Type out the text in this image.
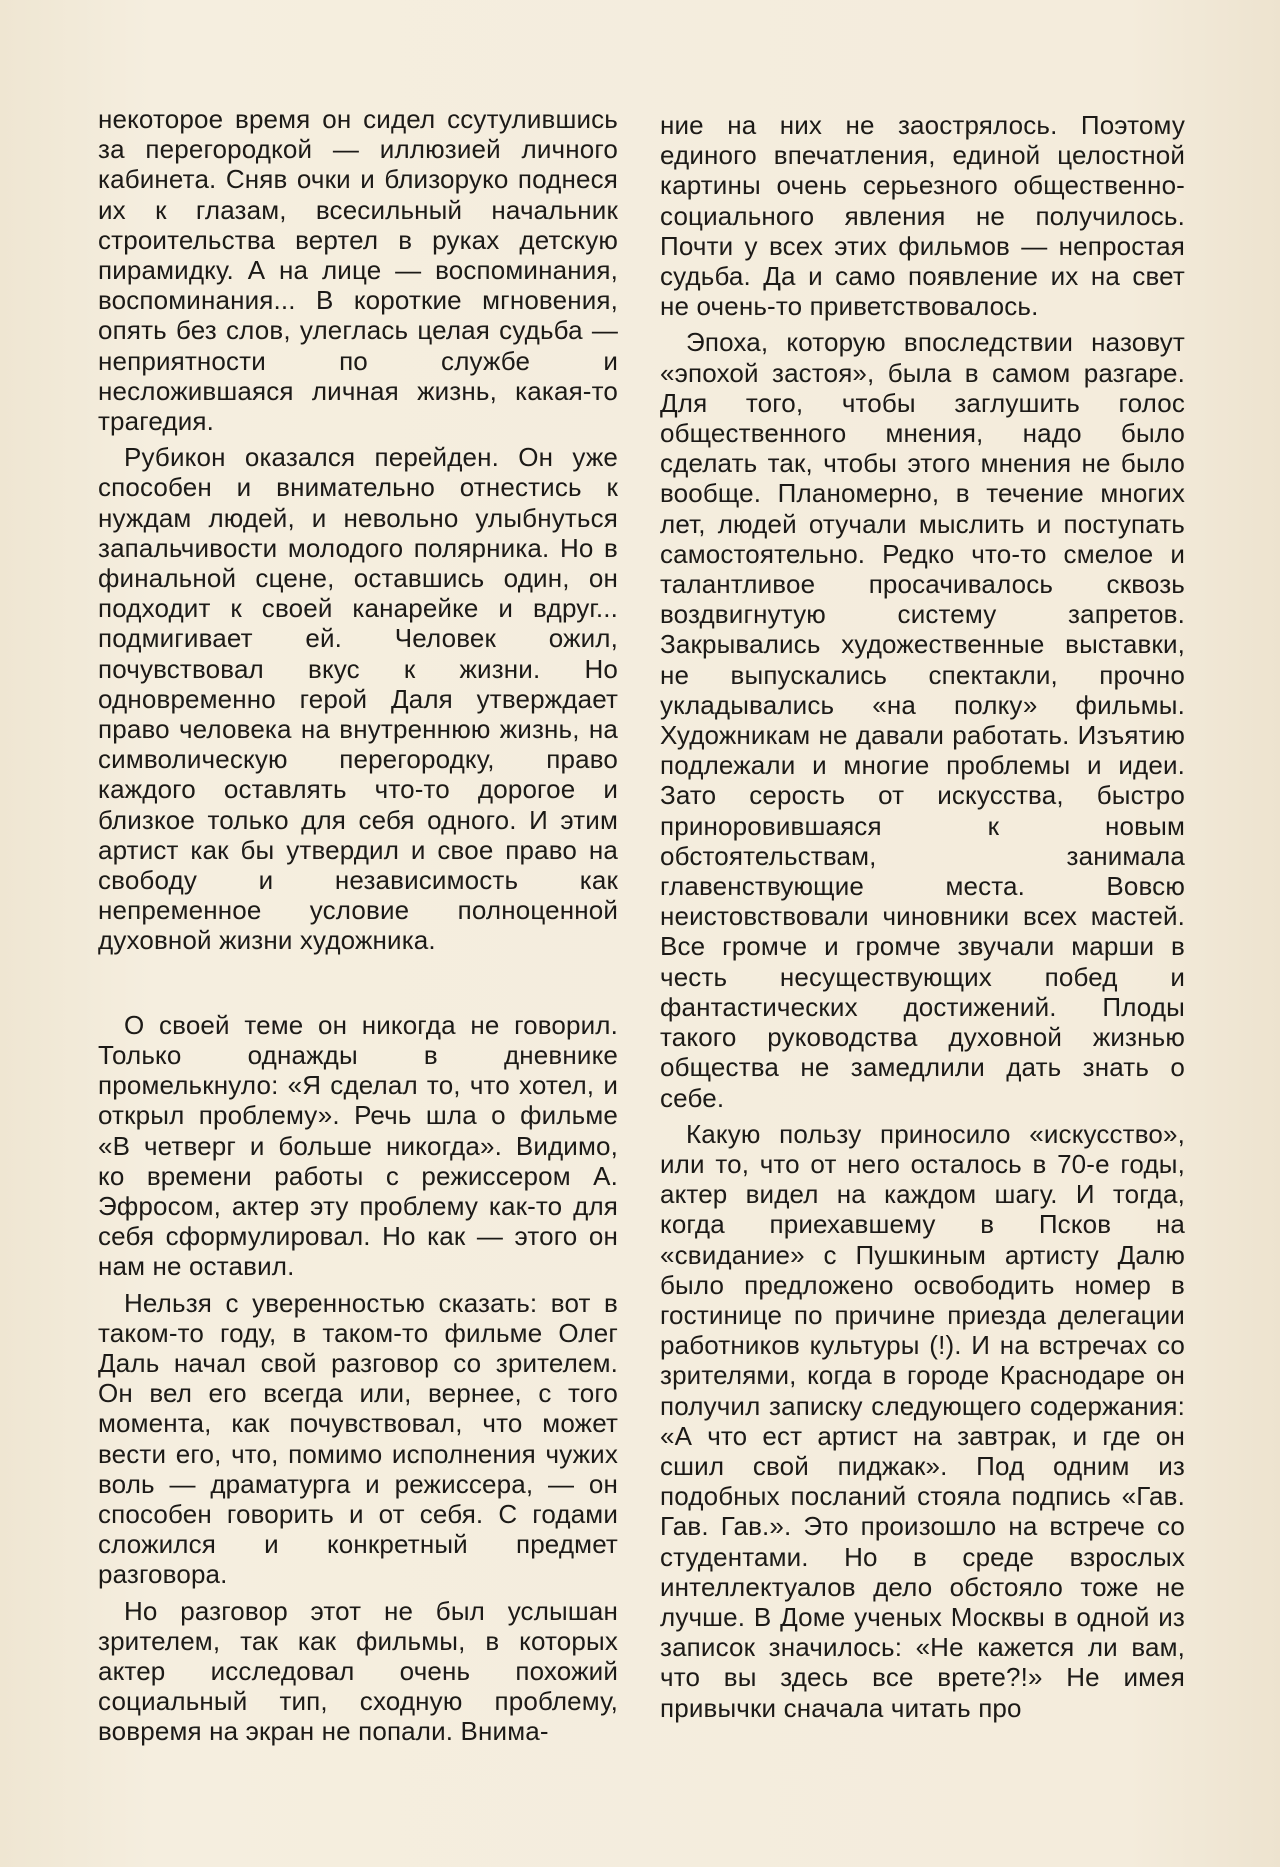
некоторое время он сидел ссутулившись за перегородкой — иллюзией личного кабинета. Сняв очки и близоруко поднеся их к глазам, всесильный начальник строительства вертел в руках детскую пирамидку. А на лице — воспоминания, воспоминания... В короткие мгновения, опять без слов, улеглась целая судьба — неприятности по службе и несложившаяся личная жизнь, какая-то трагедия.

Рубикон оказался перейден. Он уже способен и внимательно отнестись к нуждам людей, и невольно улыбнуться запальчивости молодого полярника. Но в финальной сцене, оставшись один, он подходит к своей канарейке и вдруг... подмигивает ей. Человек ожил, почувствовал вкус к жизни. Но одновременно герой Даля утверждает право человека на внутреннюю жизнь, на символическую перегородку, право каждого оставлять что-то дорогое и близкое только для себя одного. И этим артист как бы утвердил и свое право на свободу и независимость как непременное условие полноценной духовной жизни художника.

О своей теме он никогда не говорил. Только однажды в дневнике промелькнуло: «Я сделал то, что хотел, и открыл проблему». Речь шла о фильме «В четверг и больше никогда». Видимо, ко времени работы с режиссером А. Эфросом, актер эту проблему как-то для себя сформулировал. Но как — этого он нам не оставил.

Нельзя с уверенностью сказать: вот в таком-то году, в таком-то фильме Олег Даль начал свой разговор со зрителем. Он вел его всегда или, вернее, с того момента, как почувствовал, что может вести его, что, помимо исполнения чужих воль — драматурга и режиссера, — он способен говорить и от себя. С годами сложился и конкретный предмет разговора.

Но разговор этот не был услышан зрителем, так как фильмы, в которых актер исследовал очень похожий социальный тип, сходную проблему, вовремя на экран не попали. Внима-

ние на них не заострялось. Поэтому единого впечатления, единой целостной картины очень серьезного общественно-социального явления не получилось. Почти у всех этих фильмов — непростая судьба. Да и само появление их на свет не очень-то приветствовалось.

Эпоха, которую впоследствии назовут «эпохой застоя», была в самом разгаре. Для того, чтобы заглушить голос общественного мнения, надо было сделать так, чтобы этого мнения не было вообще. Планомерно, в течение многих лет, людей отучали мыслить и поступать самостоятельно. Редко что-то смелое и талантливое просачивалось сквозь воздвигнутую систему запретов. Закрывались художественные выставки, не выпускались спектакли, прочно укладывались «на полку» фильмы. Художникам не давали работать. Изъятию подлежали и многие проблемы и идеи. Зато серость от искусства, быстро приноровившаяся к новым обстоятельствам, занимала главенствующие места. Вовсю неистовствовали чиновники всех мастей. Все громче и громче звучали марши в честь несуществующих побед и фантастических достижений. Плоды такого руководства духовной жизнью общества не замедлили дать знать о себе.

Какую пользу приносило «искусство», или то, что от него осталось в 70-е годы, актер видел на каждом шагу. И тогда, когда приехавшему в Псков на «свидание» с Пушкиным артисту Далю было предложено освободить номер в гостинице по причине приезда делегации работников культуры (!). И на встречах со зрителями, когда в городе Краснодаре он получил записку следующего содержания: «А что ест артист на завтрак, и где он сшил свой пиджак». Под одним из подобных посланий стояла подпись «Гав. Гав. Гав.». Это произошло на встрече со студентами. Но в среде взрослых интеллектуалов дело обстояло тоже не лучше. В Доме ученых Москвы в одной из записок значилось: «Не кажется ли вам, что вы здесь все врете?!» Не имея привычки сначала читать про
